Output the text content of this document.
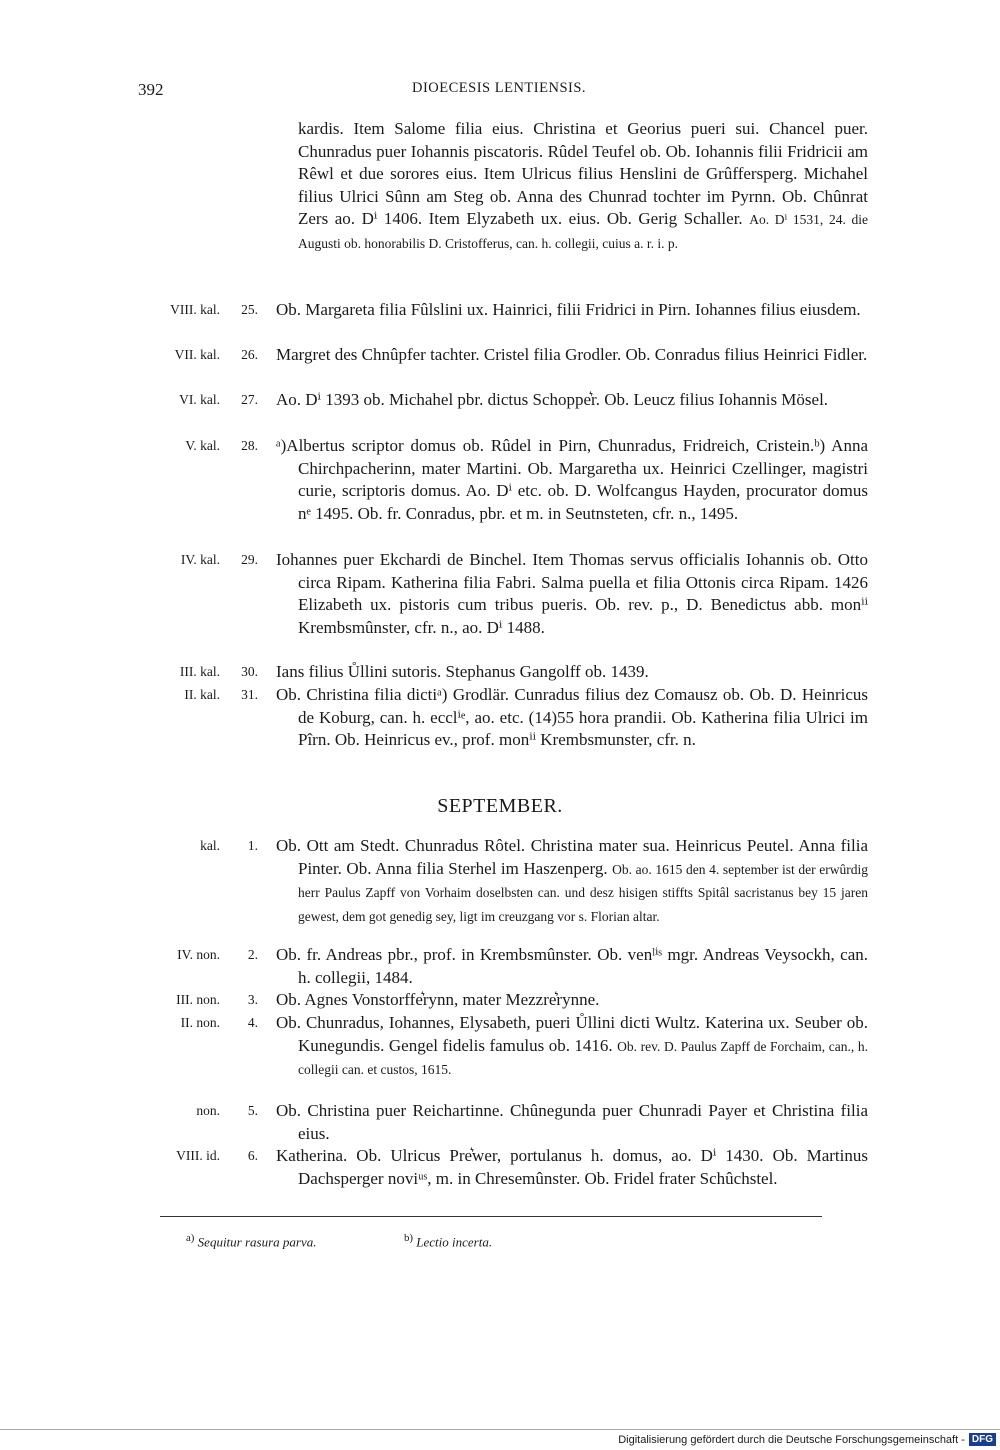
392	DIOECESIS LENTIENSIS.
kardis. Item Salome filia eius. Christina et Georius pueri sui. Chancel puer. Chunradus puer Iohannis piscatoris. Rûdel Teufel ob. Ob. Iohannis filii Fridricii am Rêwl et due sorores eius. Item Ulricus filius Henslini de Grûffersperg. Michahel filius Ulrici Sûnn am Steg ob. Anna des Chunrad tochter im Pyrnn. Ob. Chûnrat Zers ao. Dⁱ 1406. Item Elyzabeth ux. eius. Ob. Gerig Schaller. Ao. Dⁱ 1531, 24. die Augusti ob. honorabilis D. Cristofferus, can. h. collegii, cuius a. r. i. p.
VIII. kal. 25. Ob. Margareta filia Fûlslini ux. Hainrici, filii Fridrici in Pirn. Iohannes filius eiusdem.
VII. kal. 26. Margret des Chnûpfer tachter. Cristel filia Grodler. Ob. Conradus filius Heinrici Fidler.
VI. kal. 27. Ao. Dⁱ 1393 ob. Michahel pbr. dictus Schoppe͛r. Ob. Leucz filius Iohannis Mösel.
V. kal. 28. ᵃ)Albertus scriptor domus ob. Rûdel in Pirn, Chunradus, Fridreich, Cristein.ᵇ) Anna Chirchpacherinn, mater Martini. Ob. Margaretha ux. Heinrici Czellinger, magistri curie, scriptoris domus. Ao. Dⁱ etc. ob. D. Wolfcangus Hayden, procurator domus nᵉ 1495. Ob. fr. Conradus, pbr. et m. in Seutnsteten, cfr. n., 1495.
IV. kal. 29. Iohannes puer Ekchardi de Binchel. Item Thomas servus officialis Iohannis ob. Otto circa Ripam. Katherina filia Fabri. Salma puella et filia Ottonis circa Ripam. 1426 Elizabeth ux. pistoris cum tribus pueris. Ob. rev. p., D. Benedictus abb. monⁱⁱ Krembsmûnster, cfr. n., ao. Dⁱ 1488.
III. kal. 30. Ians filius Ůllini sutoris. Stephanus Gangolff ob. 1439.
II. kal. 31. Ob. Christina filia dictiᵃ) Grodlär. Cunradus filius dez Comausz ob. Ob. D. Heinricus de Koburg, can. h. ecclⁱᵉ, ao. etc. (14)55 hora prandii. Ob. Katherina filia Ulrici im Pîrn. Ob. Heinricus ev., prof. monⁱⁱ Krembsmunster, cfr. n.
SEPTEMBER.
kal. 1. Ob. Ott am Stedt. Chunradus Rôtel. Christina mater sua. Heinricus Peutel. Anna filia Pinter. Ob. Anna filia Sterhel im Haszenperg. Ob. ao. 1615 den 4. september ist der erwûrdig herr Paulus Zapff von Vorhaim doselbsten can. und desz hisigen stiffts Spitâl sacristanus bey 15 jaren gewest, dem got genedig sey, ligt im creuzgang vor s. Florian altar.
IV. non. 2. Ob. fr. Andreas pbr., prof. in Krembsmûnster. Ob. venˡⁱˢ mgr. Andreas Veysockh, can. h. collegii, 1484.
III. non. 3. Ob. Agnes Vonstorffe͛rynn, mater Mezzre͛rynne.
II. non. 4. Ob. Chunradus, Iohannes, Elysabeth, pueri Ůllini dicti Wultz. Katerina ux. Seuber ob. Kunegundis. Gengel fidelis famulus ob. 1416. Ob. rev. D. Paulus Zapff de Forchaim, can., h. collegii can. et custos, 1615.
non. 5. Ob. Christina puer Reichartinne. Chûnegunda puer Chunradi Payer et Christina filia eius.
VIII. id. 6. Katherina. Ob. Ulricus Pre͛wer, portulanus h. domus, ao. Dⁱ 1430. Ob. Martinus Dachsperger noviᵘˢ, m. in Chresemûnster. Ob. Fridel frater Schûchstel.
$^{a)}$ Sequitur rasura parva.	$^{b)}$ Lectio incerta.
Digitalisierung gefördert durch die Deutsche Forschungsgemeinschaft - DFG
